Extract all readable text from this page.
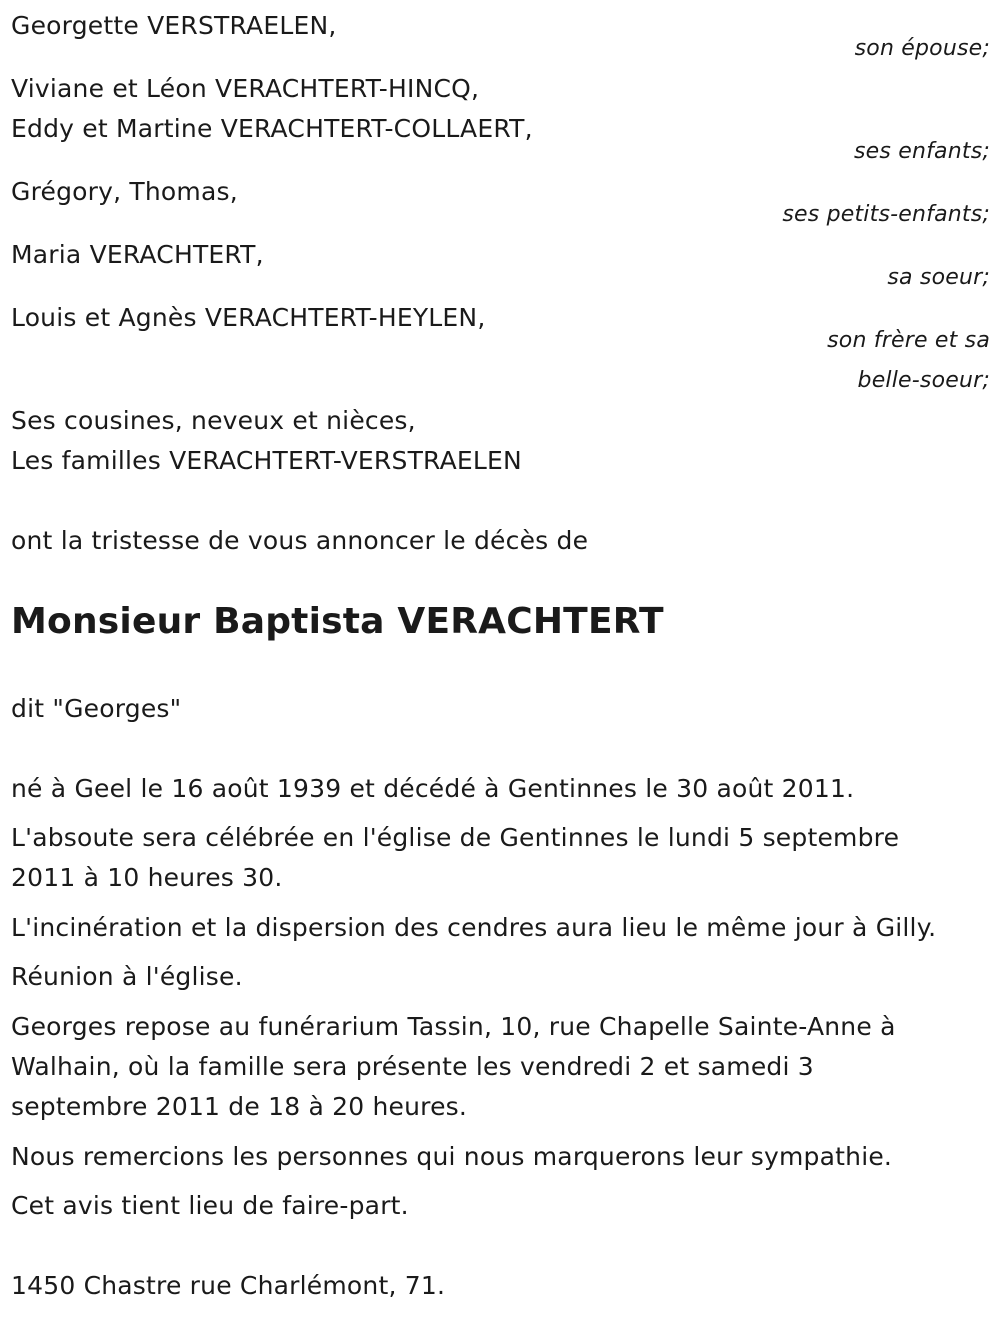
Georgette VERSTRAELEN,
son épouse;
Viviane et Léon VERACHTERT-HINCQ,
Eddy et Martine VERACHTERT-COLLAERT,
ses enfants;
Grégory, Thomas,
ses petits-enfants;
Maria VERACHTERT,
sa soeur;
Louis et Agnès VERACHTERT-HEYLEN,
son frère et sa
belle-soeur;
Ses cousines, neveux et nièces,
Les familles VERACHTERT-VERSTRAELEN
ont la tristesse de vous annoncer le décès de
Monsieur Baptista VERACHTERT
dit "Georges"
né à Geel le 16 août 1939 et décédé à Gentinnes le 30 août 2011.
L'absoute sera célébrée en l'église de Gentinnes le lundi 5 septembre
2011 à 10 heures 30.
L'incinération et la dispersion des cendres aura lieu le même jour à Gilly.
Réunion à l'église.
Georges repose au funérarium Tassin, 10, rue Chapelle Sainte-Anne à
Walhain, où la famille sera présente les vendredi 2 et samedi 3
septembre 2011 de 18 à 20 heures.
Nous remercions les personnes qui nous marquerons leur sympathie.
Cet avis tient lieu de faire-part.
1450 Chastre rue Charlémont, 71.
